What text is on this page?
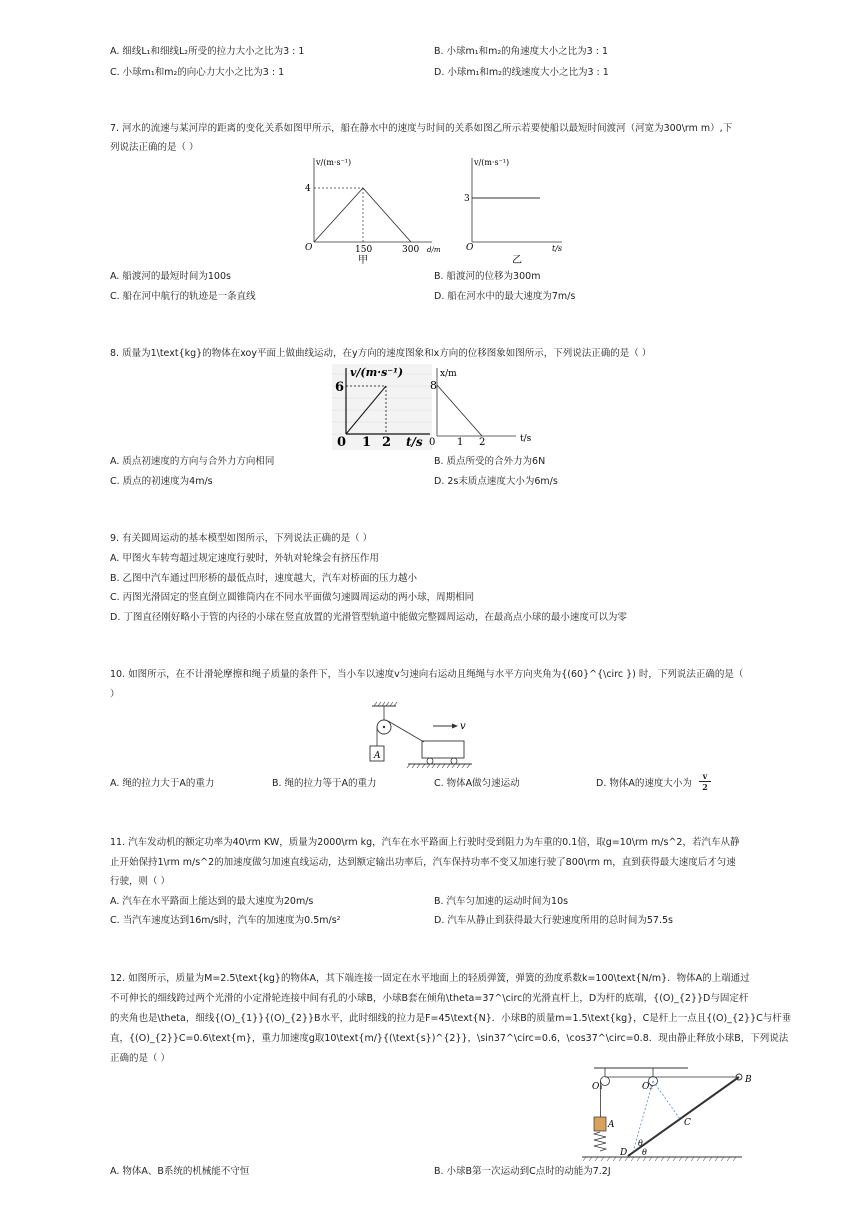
A. 细线L₁和细线L₂所受的拉力大小之比为3 : 1	B. 小球m₁和m₂的角速度大小之比为3 : 1
C. 小球m₁和m₂的向心力大小之比为3 : 1	D. 小球m₁和m₂的线速度大小之比为3 : 1
7. 河水的流速与某河岸的距离的变化关系如图甲所示，船在静水中的速度与时间的关系如图乙所示若要使船以最短时间渡河（河宽为300\rm m）,下
列说法正确的是（ ）
v/(m·s⁻¹)
4
O	150	300 d/m
甲
v/(m·s⁻¹)
3
O	t/s
乙
A. 船渡河的最短时间为100s	B. 船渡河的位移为300m
C. 船在河中航行的轨迹是一条直线	D. 船在河水中的最大速度为7m/s
8. 质量为1\text{kg}的物体在xoy平面上做曲线运动，在y方向的速度图象和x方向的位移图象如图所示，下列说法正确的是（ ）
v/(m·s⁻¹)
6
0 1 2 t/s
x/m
8
0 1 2	t/s
A. 质点初速度的方向与合外力方向相同	B. 质点所受的合外力为6N
C. 质点的初速度为4m/s	D. 2s末质点速度大小为6m/s
9. 有关圆周运动的基本模型如图所示，下列说法正确的是（ ）
A. 甲图火车转弯超过规定速度行驶时，外轨对轮缘会有挤压作用
B. 乙图中汽车通过凹形桥的最低点时，速度越大，汽车对桥面的压力越小
C. 丙图光滑固定的竖直倒立圆锥筒内在不同水平面做匀速圆周运动的两小球，周期相同
D. 丁图直径刚好略小于管的内径的小球在竖直放置的光滑管型轨道中能做完整圆周运动，在最高点小球的最小速度可以为零
10. 如图所示，在不计滑轮摩擦和绳子质量的条件下，当小车以速度v匀速向右运动且绳绳与水平方向夹角为{(60}^{\circ }) 时，下列说法正确的是（
）
A
v
A. 绳的拉力大于A的重力	B. 绳的拉力等于A的重力	C. 物体A做匀速运动	D. 物体A的速度大小为 $\frac{v}{2}$
11. 汽车发动机的额定功率为40\rm KW，质量为2000\rm kg，汽车在水平路面上行驶时受到阻力为车重的0.1倍，取g=10\rm m/s^2，若汽车从静
止开始保持1\rm m/s^2的加速度做匀加速直线运动，达到额定输出功率后，汽车保持功率不变又加速行驶了800\rm m，直到获得最大速度后才匀速
行驶，则（ ）
A. 汽车在水平路面上能达到的最大速度为20m/s	B. 汽车匀加速的运动时间为10s
C. 当汽车速度达到16m/s时，汽车的加速度为0.5m/s²	D. 汽车从静止到获得最大行驶速度所用的总时间为57.5s
12. 如图所示，质量为M=2.5\text{kg}的物体A，其下端连接一固定在水平地面上的轻质弹簧，弹簧的劲度系数k=100\text{N/m}．物体A的上端通过
不可伸长的细线跨过两个光滑的小定滑轮连接中间有孔的小球B，小球B套在倾角\theta=37^\circ的光滑直杆上，D为杆的底端，{(O)_{2}}D与固定杆
的夹角也是\theta，细线{(O)_{1}}{(O)_{2}}B水平，此时细线的拉力是F=45\text{N}．小球B的质量m=1.5\text{kg}，C是杆上一点且{(O)_{2}}C与杆垂
直，{(O)_{2}}C=0.6\text{m}，重力加速度g取10\text{m/}{(\text{s})^{2}}，\sin37^\circ=0.6，\cos37^\circ=0.8．现由静止释放小球B，下列说法
正确的是（ ）
O₁	O₂
A
B
C
D
θ
θ
A. 物体A、B系统的机械能不守恒	B. 小球B第一次运动到C点时的动能为7.2J
